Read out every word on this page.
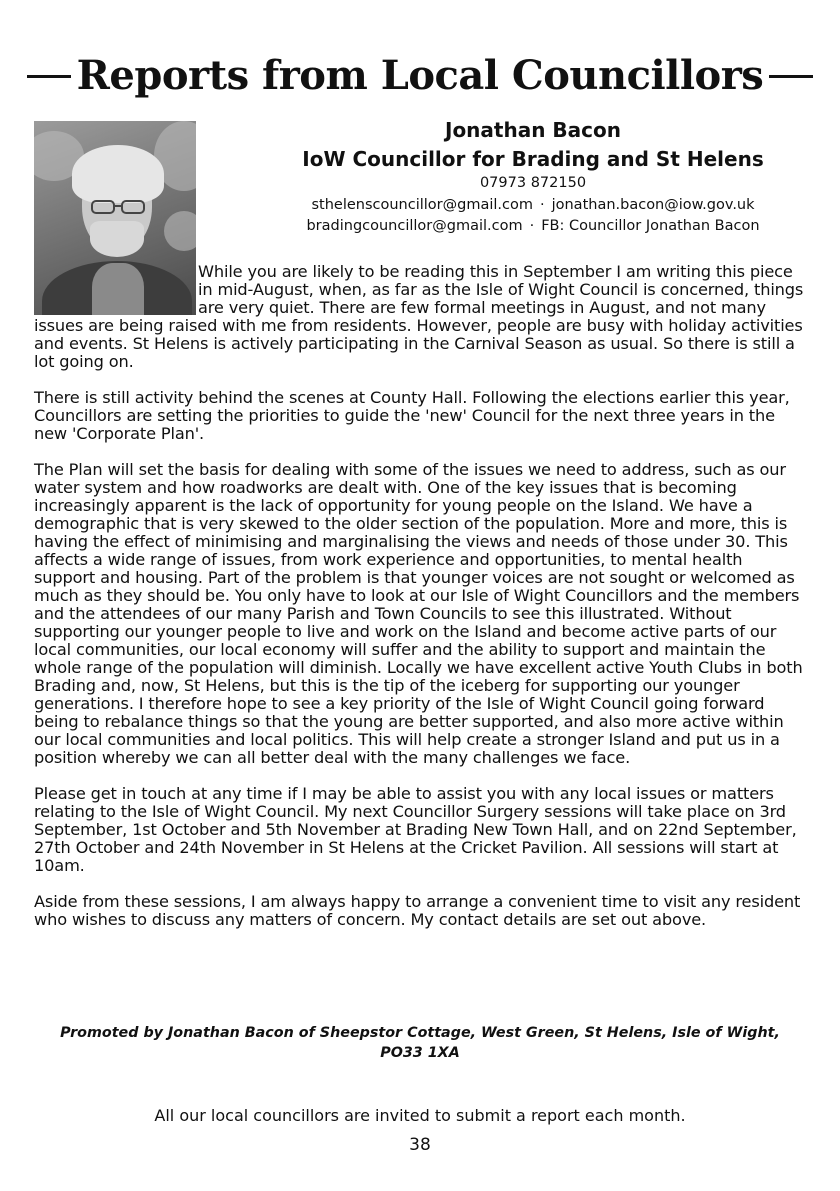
Reports from Local Councillors
Jonathan Bacon
IoW Councillor for Brading and St Helens
07973 872150
sthelenscouncillor@gmail.com · jonathan.bacon@iow.gov.uk
bradingcouncillor@gmail.com · FB: Councillor Jonathan Bacon

While you are likely to be reading this in September I am writing this piece in mid-August, when, as far as the Isle of Wight Council is concerned, things are very quiet. There are few formal meetings in August, and not many issues are being raised with me from residents. However, people are busy with holiday activities and events. St Helens is actively participating in the Carnival Season as usual. So there is still a lot going on.

There is still activity behind the scenes at County Hall. Following the elections earlier this year, Councillors are setting the priorities to guide the 'new' Council for the next three years in the new 'Corporate Plan'.

The Plan will set the basis for dealing with some of the issues we need to address, such as our water system and how roadworks are dealt with. One of the key issues that is becoming increasingly apparent is the lack of opportunity for young people on the Island. We have a demographic that is very skewed to the older section of the population. More and more, this is having the effect of minimising and marginalising the views and needs of those under 30. This affects a wide range of issues, from work experience and opportunities, to mental health support and housing. Part of the problem is that younger voices are not sought or welcomed as much as they should be. You only have to look at our Isle of Wight Councillors and the members and the attendees of our many Parish and Town Councils to see this illustrated. Without supporting our younger people to live and work on the Island and become active parts of our local communities, our local economy will suffer and the ability to support and maintain the whole range of the population will diminish. Locally we have excellent active Youth Clubs in both Brading and, now, St Helens, but this is the tip of the iceberg for supporting our younger generations. I therefore hope to see a key priority of the Isle of Wight Council going forward being to rebalance things so that the young are better supported, and also more active within our local communities and local politics. This will help create a stronger Island and put us in a position whereby we can all better deal with the many challenges we face.

Please get in touch at any time if I may be able to assist you with any local issues or matters relating to the Isle of Wight Council. My next Councillor Surgery sessions will take place on 3rd September, 1st October and 5th November at Brading New Town Hall, and on 22nd September, 27th October and 24th November in St Helens at the Cricket Pavilion. All sessions will start at 10am.

Aside from these sessions, I am always happy to arrange a convenient time to visit any resident who wishes to discuss any matters of concern. My contact details are set out above.

Promoted by Jonathan Bacon of Sheepstor Cottage, West Green, St Helens, Isle of Wight, PO33 1XA
All our local councillors are invited to submit a report each month.
38
